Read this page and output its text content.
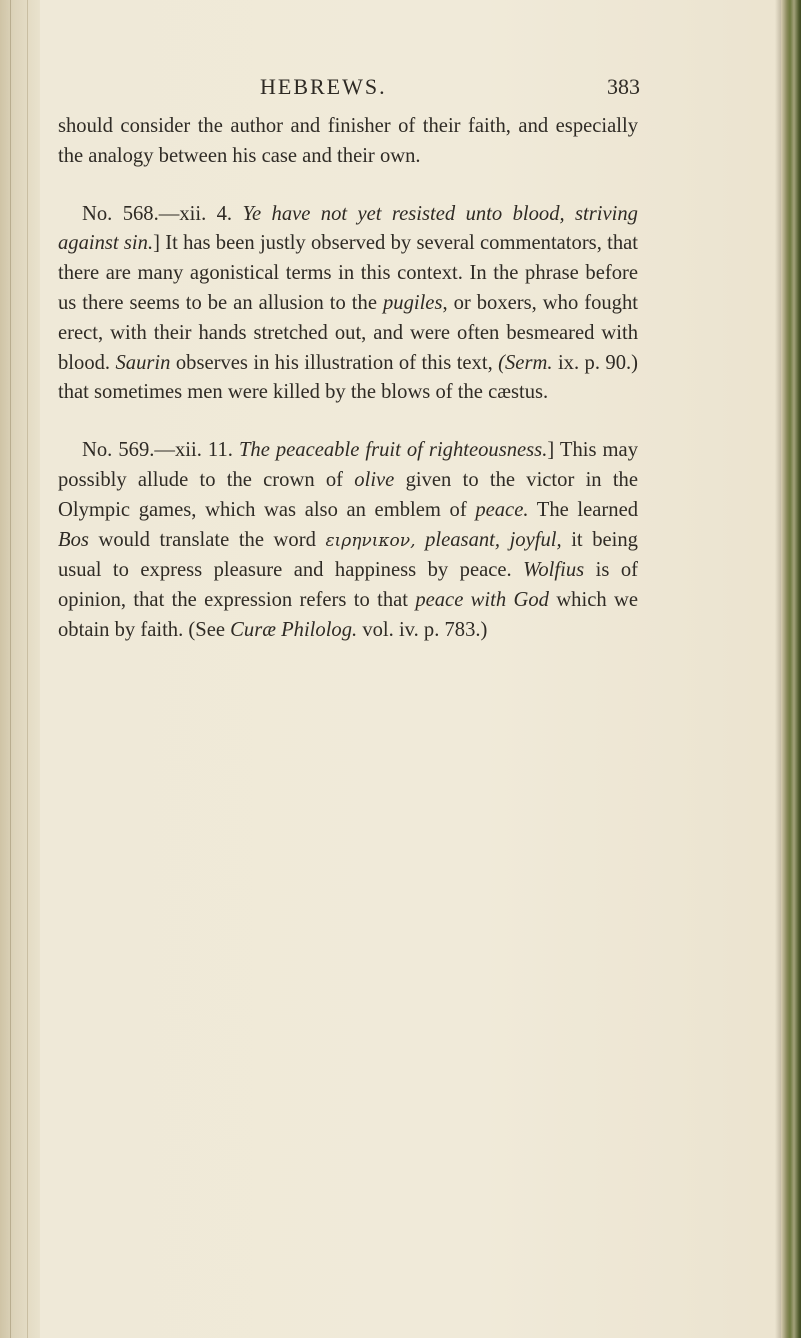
HEBREWS.	383

should consider the author and finisher of their faith, and especially the analogy between his case and their own.

No. 568.—xii. 4. Ye have not yet resisted unto blood, striving against sin.] It has been justly observed by several commentators, that there are many agonistical terms in this context. In the phrase before us there seems to be an allusion to the pugiles, or boxers, who fought erect, with their hands stretched out, and were often besmeared with blood. Saurin observes in his illustration of this text, (Serm. ix. p. 90.) that sometimes men were killed by the blows of the cæstus.

No. 569.—xii. 11. The peaceable fruit of righteousness.] This may possibly allude to the crown of olive given to the victor in the Olympic games, which was also an emblem of peace. The learned Bos would translate the word ειρηνικον, pleasant, joyful, it being usual to express pleasure and happiness by peace. Wolfius is of opinion, that the expression refers to that peace with God which we obtain by faith. (See Curæ Philolog. vol. iv. p. 783.)
